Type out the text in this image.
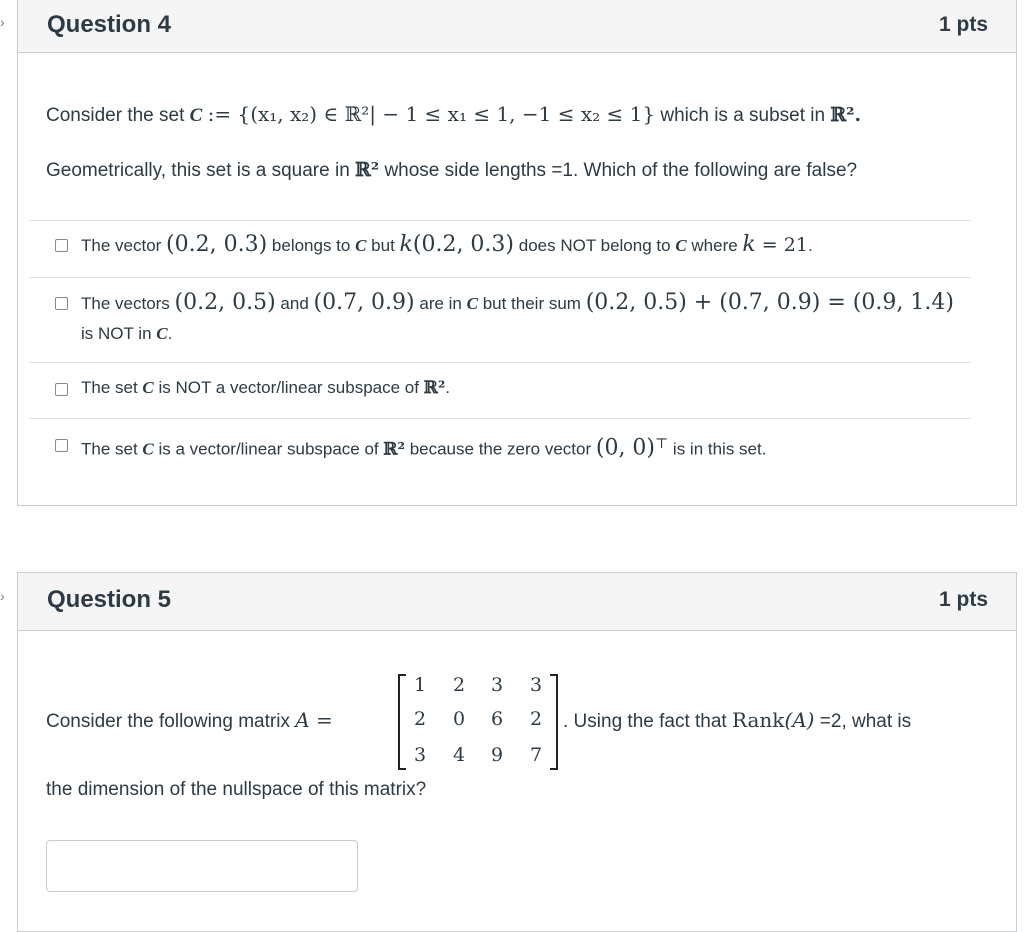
› Question 4	1 pts
Consider the set C := {(x₁, x₂) ∈ ℝ²| − 1 ≤ x₁ ≤ 1, −1 ≤ x₂ ≤ 1} which is a subset in ℝ².
Geometrically, this set is a square in ℝ² whose side lengths =1. Which of the following are false?
The vector (0.2, 0.3) belongs to C but k(0.2, 0.3) does NOT belong to C where k = 21.
The vectors (0.2, 0.5) and (0.7, 0.9) are in C but their sum (0.2, 0.5) + (0.7, 0.9) = (0.9, 1.4)
is NOT in C.
The set C is NOT a vector/linear subspace of ℝ².
The set C is a vector/linear subspace of ℝ² because the zero vector (0, 0)⊤ is in this set.
› Question 5	1 pts
Consider the following matrix A =
1	2	3	3
2	0	6	2
3	4	9	7
. Using the fact that Rank(A) =2, what is
the dimension of the nullspace of this matrix?
